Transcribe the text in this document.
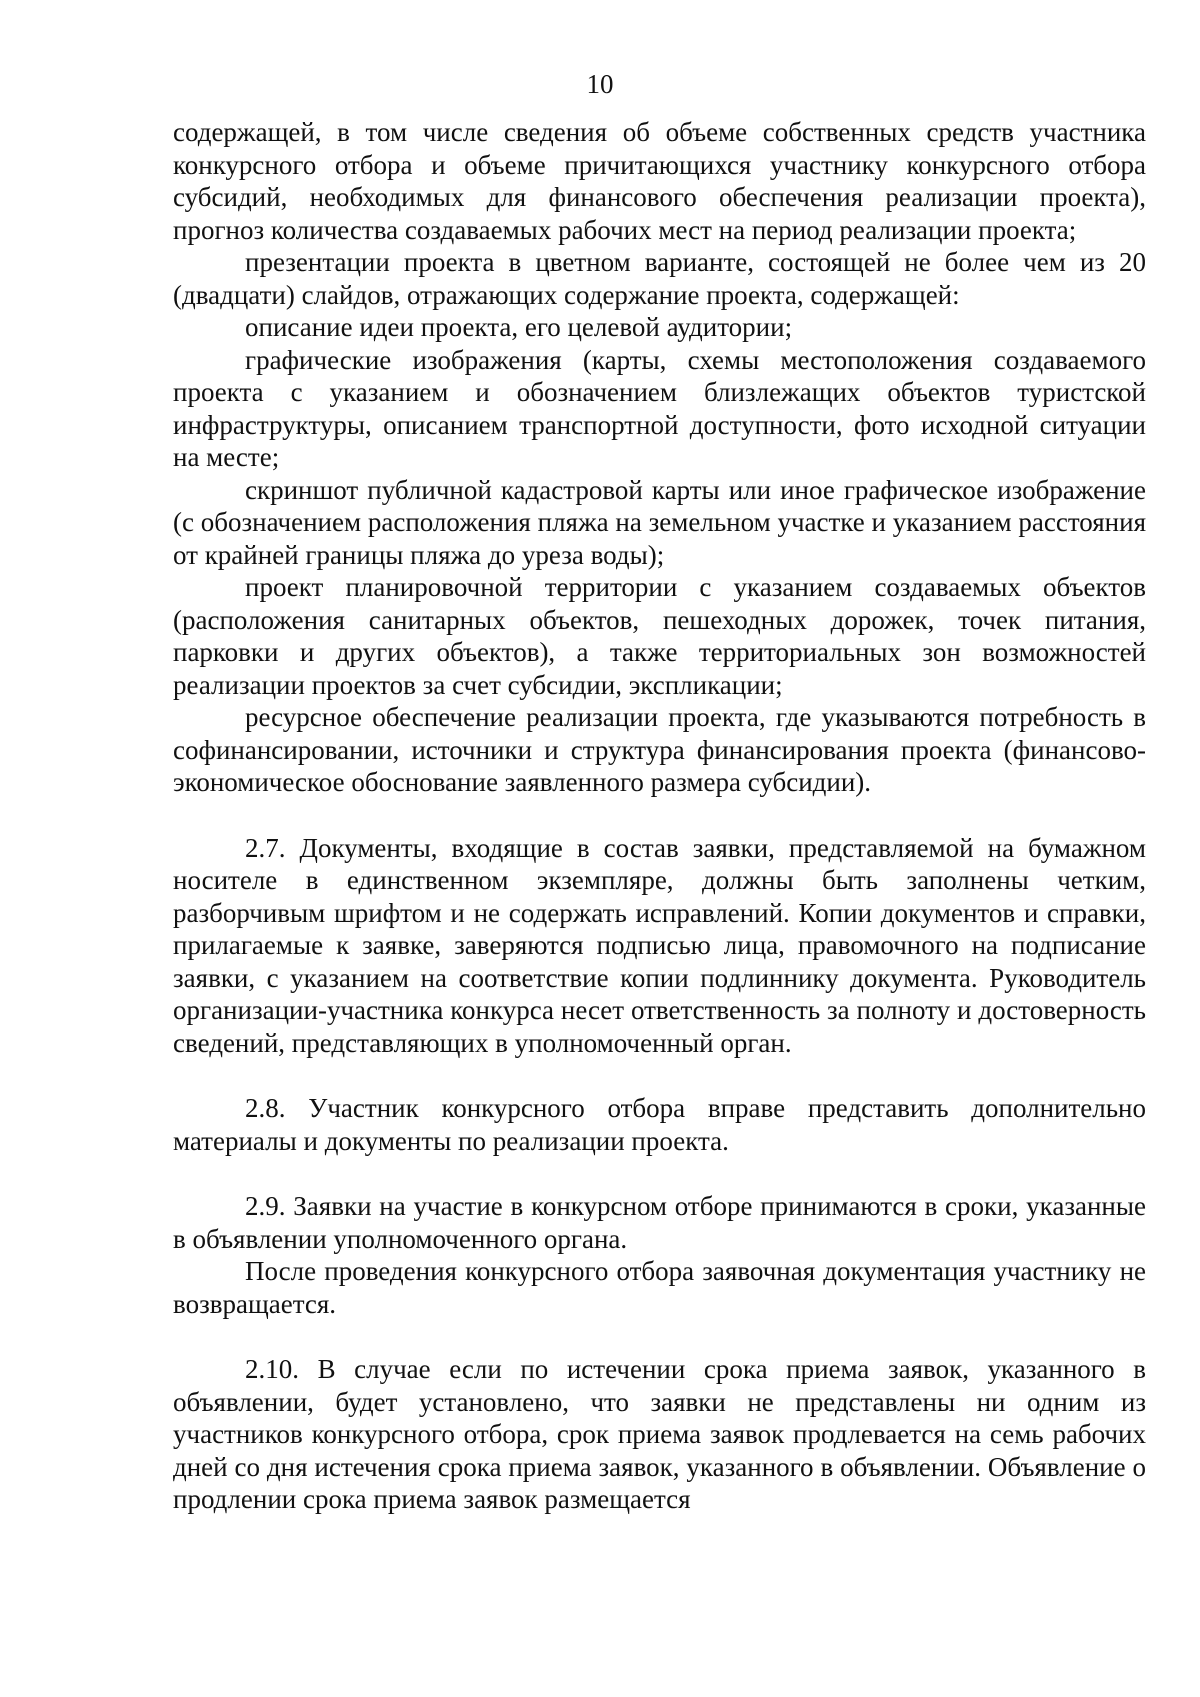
10

содержащей, в том числе сведения об объеме собственных средств участника конкурсного отбора и объеме причитающихся участнику конкурсного отбора субсидий, необходимых для финансового обеспечения реализации проекта), прогноз количества создаваемых рабочих мест на период реализации проекта;

презентации проекта в цветном варианте, состоящей не более чем из 20 (двадцати) слайдов, отражающих содержание проекта, содержащей:

описание идеи проекта, его целевой аудитории;

графические изображения (карты, схемы местоположения создаваемого проекта с указанием и обозначением близлежащих объектов туристской инфраструктуры, описанием транспортной доступности, фото исходной ситуации на месте;

скриншот публичной кадастровой карты или иное графическое изображение (с обозначением расположения пляжа на земельном участке и указанием расстояния от крайней границы пляжа до уреза воды);

проект планировочной территории с указанием создаваемых объектов (расположения санитарных объектов, пешеходных дорожек, точек питания, парковки и других объектов), а также территориальных зон возможностей реализации проектов за счет субсидии, экспликации;

ресурсное обеспечение реализации проекта, где указываются потребность в софинансировании, источники и структура финансирования проекта (финансово-экономическое обоснование заявленного размера субсидии).

2.7. Документы, входящие в состав заявки, представляемой на бумажном носителе в единственном экземпляре, должны быть заполнены четким, разборчивым шрифтом и не содержать исправлений. Копии документов и справки, прилагаемые к заявке, заверяются подписью лица, правомочного на подписание заявки, с указанием на соответствие копии подлиннику документа. Руководитель организации-участника конкурса несет ответственность за полноту и достоверность сведений, представляющих в уполномоченный орган.

2.8. Участник конкурсного отбора вправе представить дополнительно материалы и документы по реализации проекта.

2.9. Заявки на участие в конкурсном отборе принимаются в сроки, указанные в объявлении уполномоченного органа.

После проведения конкурсного отбора заявочная документация участнику не возвращается.

2.10. В случае если по истечении срока приема заявок, указанного в объявлении, будет установлено, что заявки не представлены ни одним из участников конкурсного отбора, срок приема заявок продлевается на семь рабочих дней со дня истечения срока приема заявок, указанного в объявлении. Объявление о продлении срока приема заявок размещается
